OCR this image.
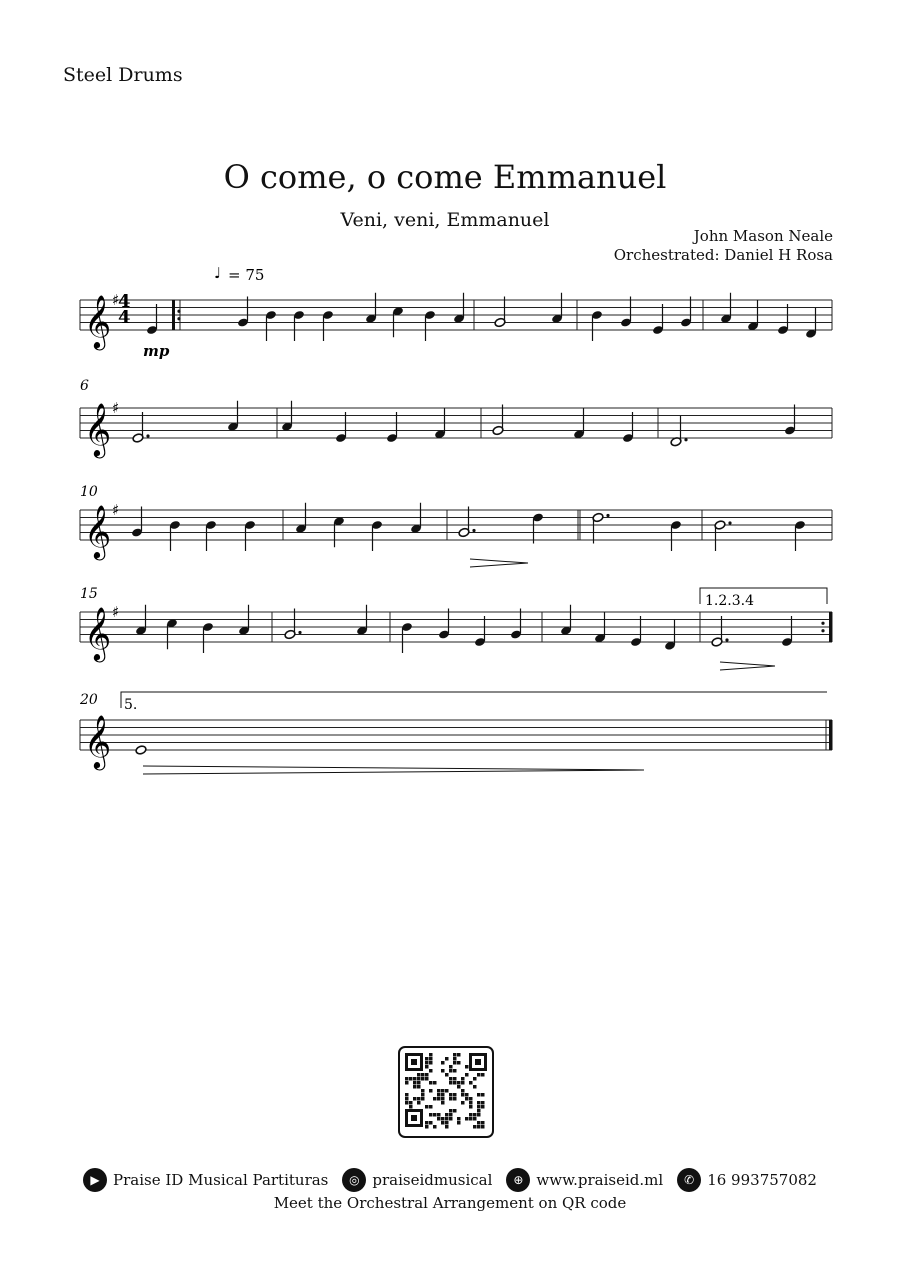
Steel Drums
O come, o come Emmanuel
Veni, veni, Emmanuel
John Mason Neale
Orchestrated: Daniel H Rosa
𝄞 ♯
𝄞 ♯
𝄞 ♯
𝄞 ♯
𝄞
♩ = 75
mp
4
4
6
10
15
20
1.2.3.4
5.
▶ Praise ID Musical Partituras	◎ praiseidmusical	⊕ www.praiseid.ml	✆ 16 993757082
Meet the Orchestral Arrangement on QR code
